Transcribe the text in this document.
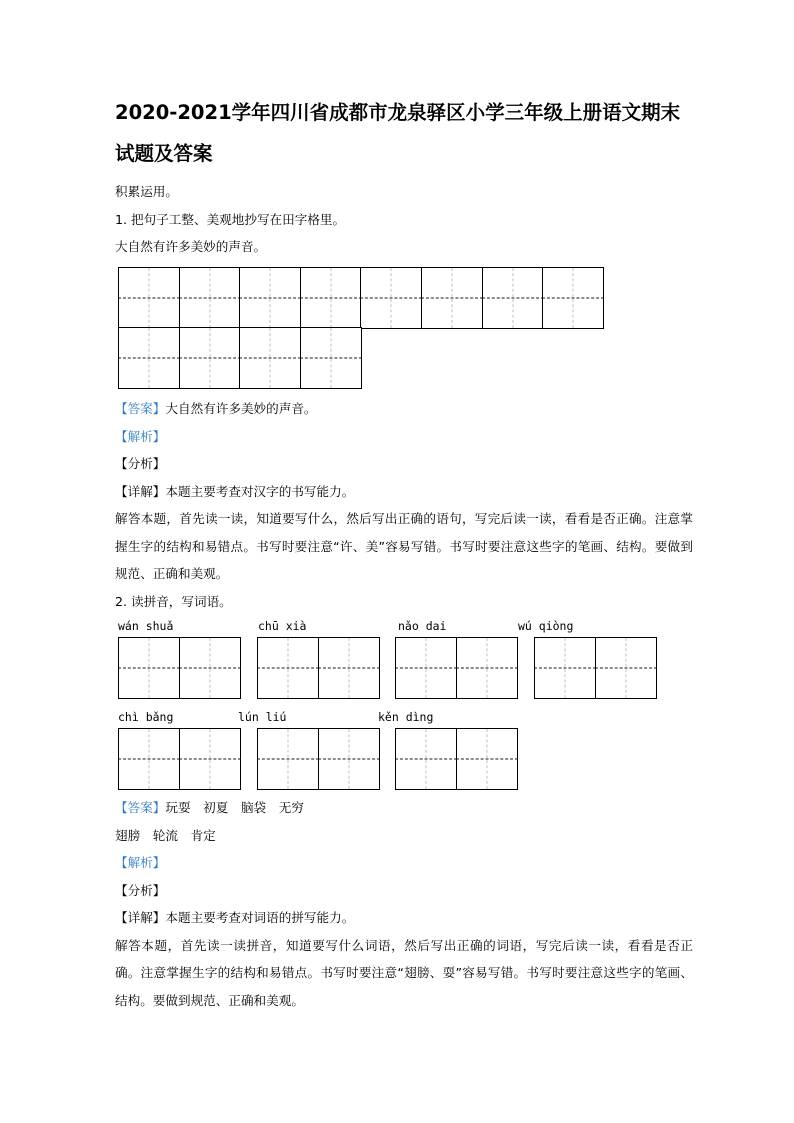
2020-2021学年四川省成都市龙泉驿区小学三年级上册语文期末试题及答案

积累运用。

1. 把句子工整、美观地抄写在田字格里。

大自然有许多美妙的声音。

【答案】大自然有许多美妙的声音。

【解析】

【分析】

【详解】本题主要考查对汉字的书写能力。

解答本题，首先读一读，知道要写什么，然后写出正确的语句，写完后读一读，看看是否正确。注意掌握生字的结构和易错点。书写时要注意“许、美”容易写错。书写时要注意这些字的笔画、结构。要做到规范、正确和美观。

2. 读拼音，写词语。

wán shuǎ	chū xià	nǎo dai	wú qiòng
chì bǎng	lún liú	kěn dìng

【答案】玩耍　初夏　脑袋　无穷

翅膀　轮流　肯定

【解析】

【分析】

【详解】本题主要考查对词语的拼写能力。

解答本题，首先读一读拼音，知道要写什么词语，然后写出正确的词语，写完后读一读，看看是否正确。注意掌握生字的结构和易错点。书写时要注意“翅膀、耍”容易写错。书写时要注意这些字的笔画、结构。要做到规范、正确和美观。
